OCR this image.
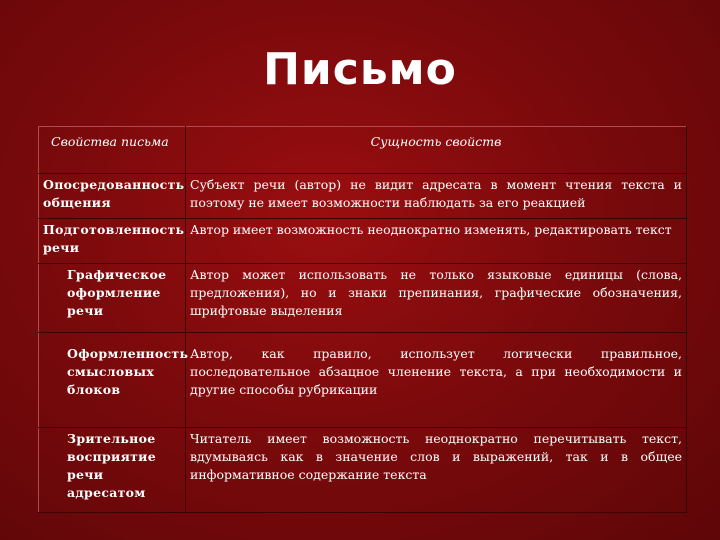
Письмо
Свойства письма	Сущность свойств
Опосредованность общения	Субъект речи (автор) не видит адресата в момент чтения текста и поэтому не имеет возможности наблюдать за его реакцией
Подготовленность речи	Автор имеет возможность неоднократно изменять, редактировать текст
Графическое оформление речи	Автор может использовать не только языковые единицы (слова, предложения), но и знаки препинания, графические обозначения, шрифтовые выделения
Оформленность смысловых блоков	Автор, как правило, использует логически правильное, последовательное абзацное членение текста, а при необходимости и другие способы рубрикации
Зрительное восприятие речи адресатом	Читатель имеет возможность неоднократно перечитывать текст, вдумываясь как в значение слов и выражений, так и в общее информативное содержание текста
